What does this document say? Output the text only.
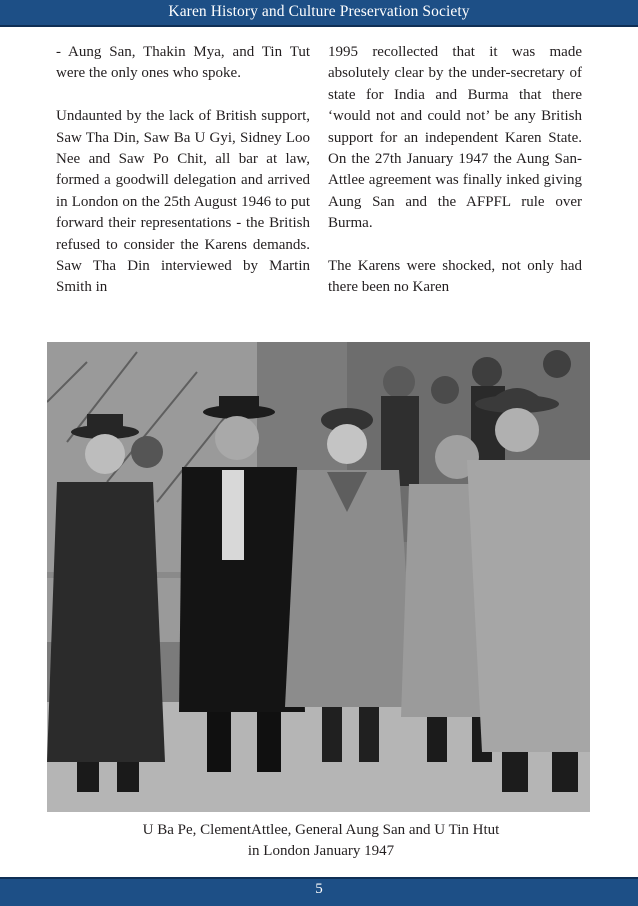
Karen History and Culture Preservation Society

- Aung San, Thakin Mya, and Tin Tut were the only ones who spoke.

Undaunted by the lack of British support, Saw Tha Din, Saw Ba U Gyi, Sidney Loo Nee and Saw Po Chit, all bar at law, formed a goodwill delegation and arrived in London on the 25th August 1946 to put forward their representations - the British refused to consider the Karens demands. Saw Tha Din interviewed by Martin Smith in

1995 recollected that it was made absolutely clear by the under-secretary of state for India and Burma that there ‘would not and could not’ be any British support for an independent Karen State. On the 27th January 1947 the Aung San-Attlee agreement was finally inked giving Aung San and the AFPFL rule over Burma.

The Karens were shocked, not only had there been no Karen

U Ba Pe, ClementAttlee, General Aung San and U Tin Htut
in London January 1947
5
